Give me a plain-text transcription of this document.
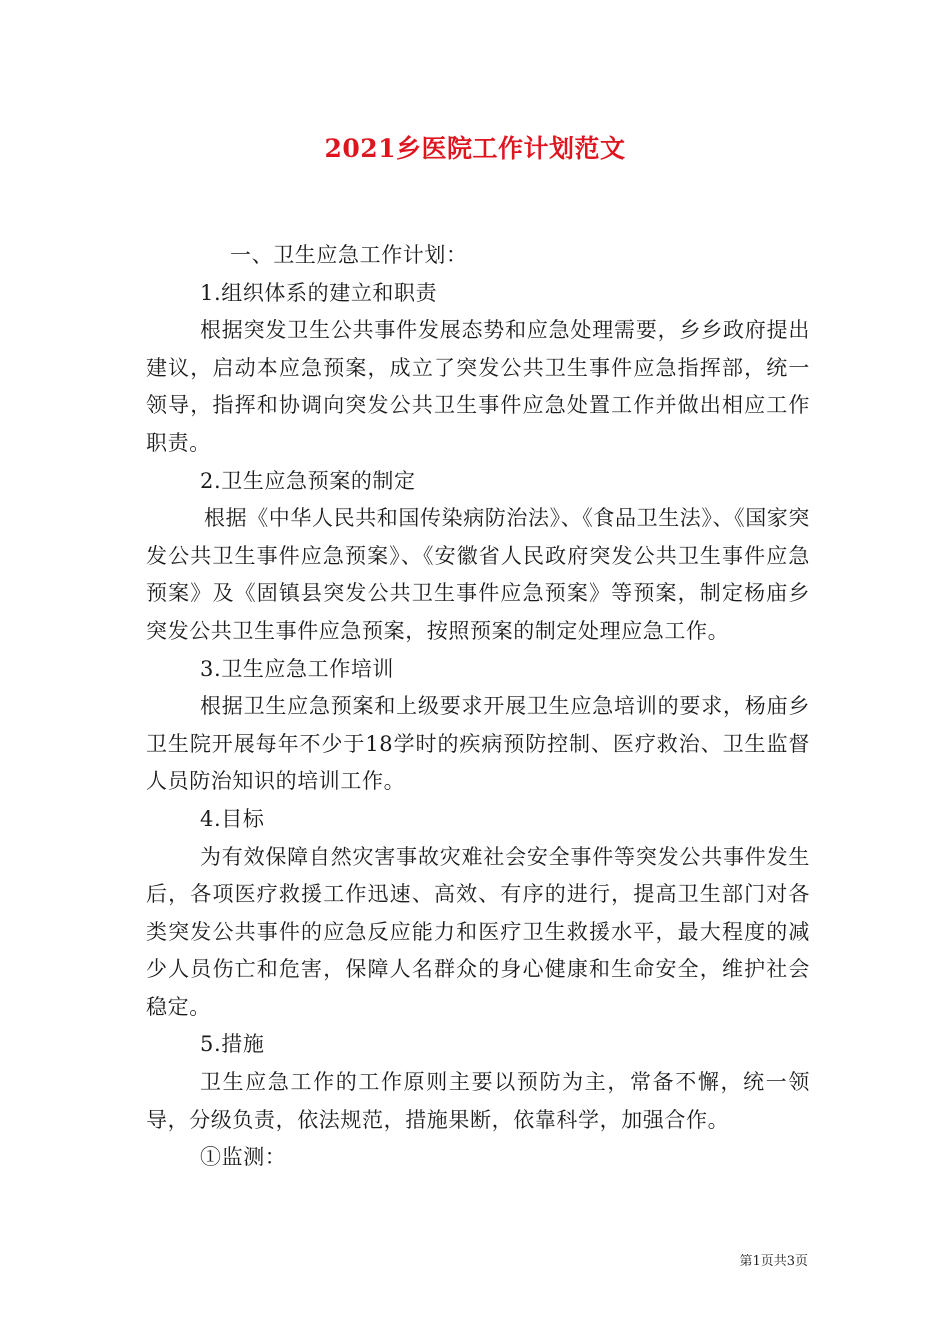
2021乡医院工作计划范文

一、卫生应急工作计划：

1.组织体系的建立和职责

根据突发卫生公共事件发展态势和应急处理需要，乡乡政府提出建议，启动本应急预案，成立了突发公共卫生事件应急指挥部，统一领导，指挥和协调向突发公共卫生事件应急处置工作并做出相应工作职责。

2.卫生应急预案的制定

根据《中华人民共和国传染病防治法》、《食品卫生法》、《国家突发公共卫生事件应急预案》、《安徽省人民政府突发公共卫生事件应急预案》及《固镇县突发公共卫生事件应急预案》等预案，制定杨庙乡突发公共卫生事件应急预案，按照预案的制定处理应急工作。

3.卫生应急工作培训

根据卫生应急预案和上级要求开展卫生应急培训的要求，杨庙乡卫生院开展每年不少于18学时的疾病预防控制、医疗救治、卫生监督人员防治知识的培训工作。

4.目标

为有效保障自然灾害事故灾难社会安全事件等突发公共事件发生后，各项医疗救援工作迅速、高效、有序的进行，提高卫生部门对各类突发公共事件的应急反应能力和医疗卫生救援水平，最大程度的减少人员伤亡和危害，保障人名群众的身心健康和生命安全，维护社会稳定。

5.措施

卫生应急工作的工作原则主要以预防为主，常备不懈，统一领导，分级负责，依法规范，措施果断，依靠科学，加强合作。

①监测：

第1页共3页
